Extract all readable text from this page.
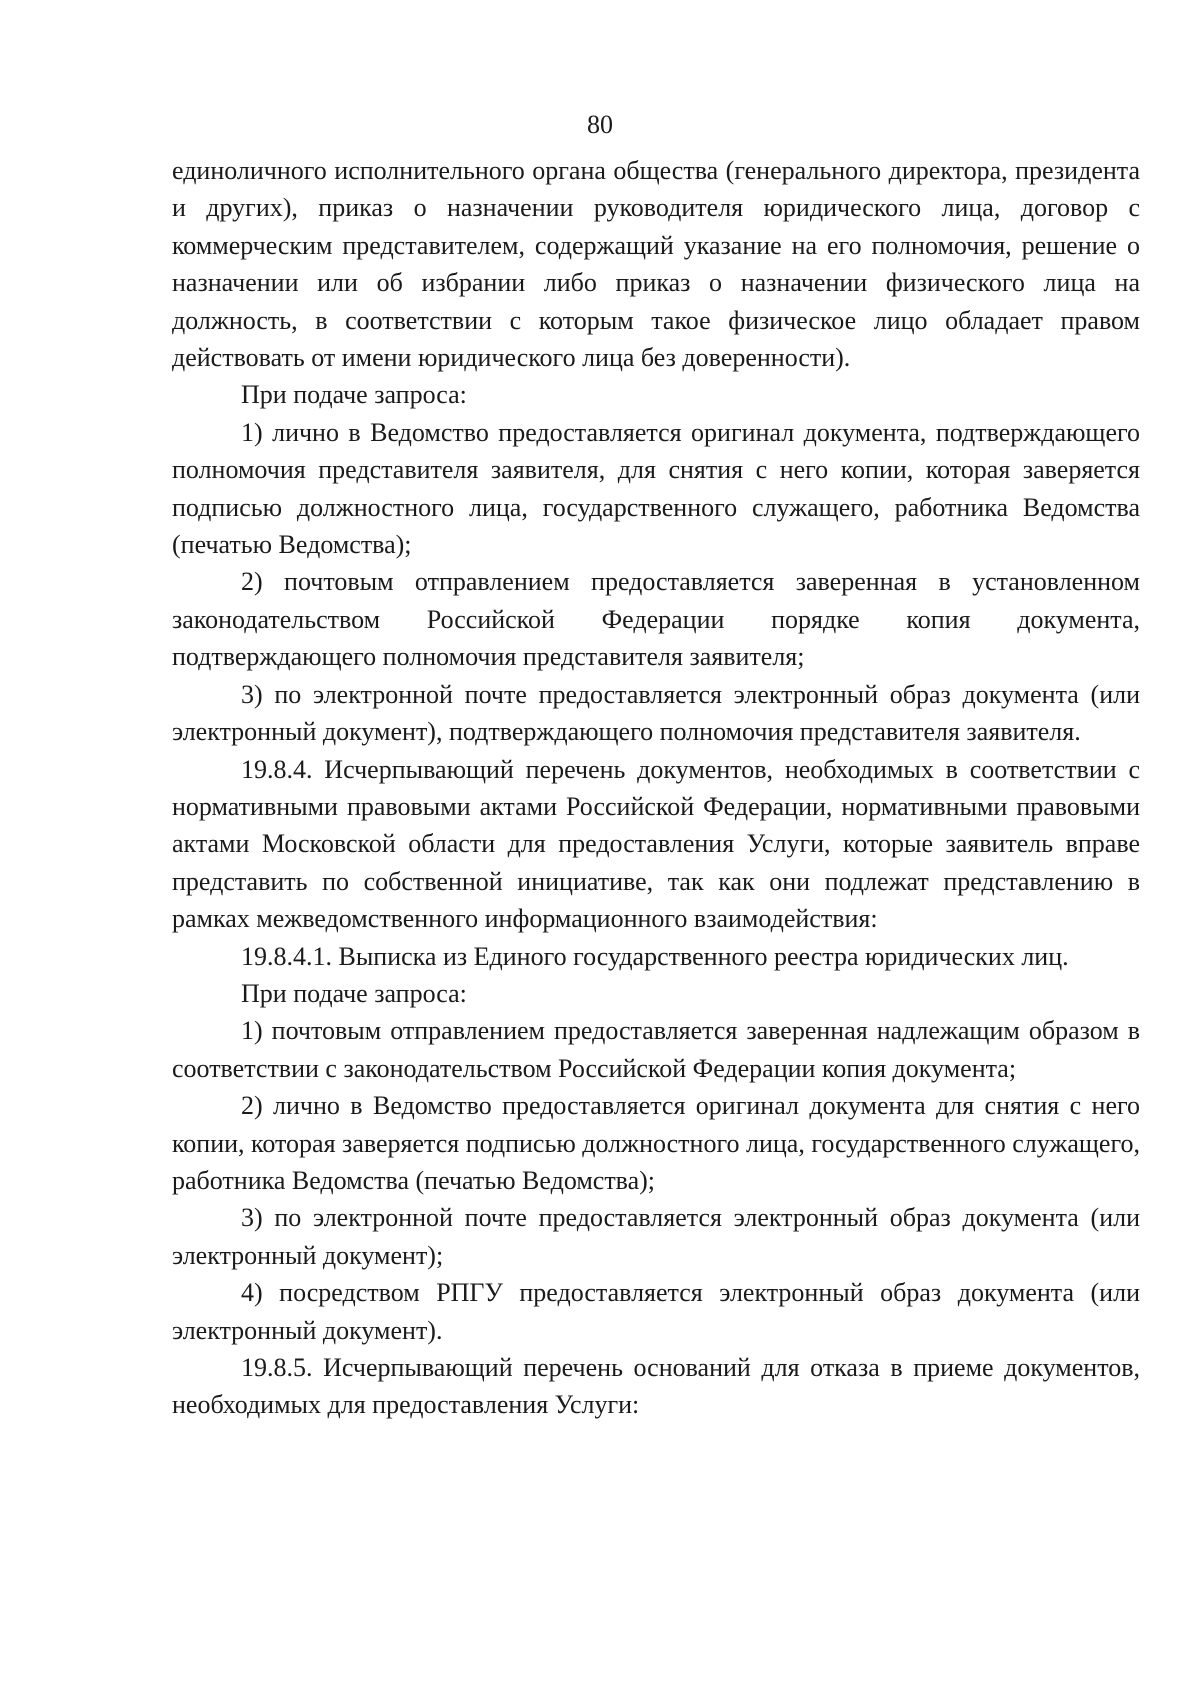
80

единоличного исполнительного органа общества (генерального директора, президента и других), приказ о назначении руководителя юридического лица, договор с коммерческим представителем, содержащий указание на его полномочия, решение о назначении или об избрании либо приказ о назначении физического лица на должность, в соответствии с которым такое физическое лицо обладает правом действовать от имени юридического лица без доверенности).

При подаче запроса:

1) лично в Ведомство предоставляется оригинал документа, подтверждающего полномочия представителя заявителя, для снятия с него копии, которая заверяется подписью должностного лица, государственного служащего, работника Ведомства (печатью Ведомства);

2) почтовым отправлением предоставляется заверенная в установленном законодательством Российской Федерации порядке копия документа, подтверждающего полномочия представителя заявителя;

3) по электронной почте предоставляется электронный образ документа (или электронный документ), подтверждающего полномочия представителя заявителя.

19.8.4. Исчерпывающий перечень документов, необходимых в соответствии с нормативными правовыми актами Российской Федерации, нормативными правовыми актами Московской области для предоставления Услуги, которые заявитель вправе представить по собственной инициативе, так как они подлежат представлению в рамках межведомственного информационного взаимодействия:

19.8.4.1. Выписка из Единого государственного реестра юридических лиц.

При подаче запроса:

1) почтовым отправлением предоставляется заверенная надлежащим образом в соответствии с законодательством Российской Федерации копия документа;

2) лично в Ведомство предоставляется оригинал документа для снятия с него копии, которая заверяется подписью должностного лица, государственного служащего, работника Ведомства (печатью Ведомства);

3) по электронной почте предоставляется электронный образ документа (или электронный документ);

4) посредством РПГУ предоставляется электронный образ документа (или электронный документ).

19.8.5. Исчерпывающий перечень оснований для отказа в приеме документов, необходимых для предоставления Услуги:
